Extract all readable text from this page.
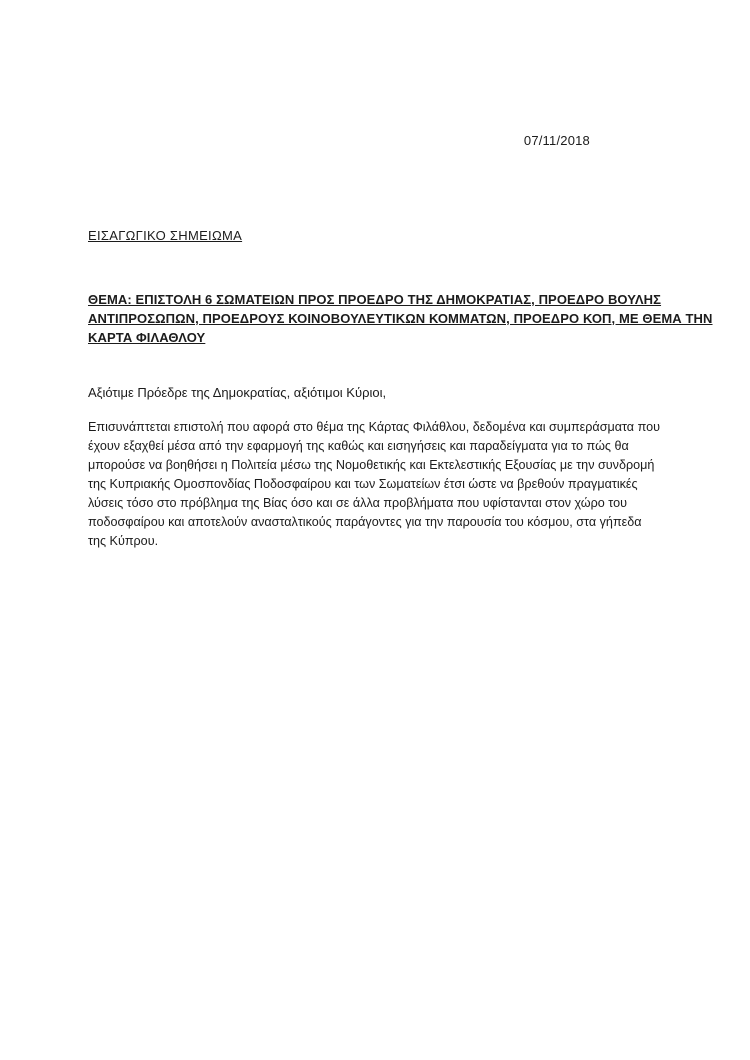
07/11/2018
ΕΙΣΑΓΩΓΙΚΟ ΣΗΜΕΙΩΜΑ
ΘΕΜΑ: ΕΠΙΣΤΟΛΗ 6 ΣΩΜΑΤΕΙΩΝ ΠΡΟΣ ΠΡΟΕΔΡΟ ΤΗΣ ΔΗΜΟΚΡΑΤΙΑΣ, ΠΡΟΕΔΡΟ ΒΟΥΛΗΣ
ΑΝΤΙΠΡΟΣΩΠΩΝ, ΠΡΟΕΔΡΟΥΣ ΚΟΙΝΟΒΟΥΛΕΥΤΙΚΩΝ ΚΟΜΜΑΤΩΝ, ΠΡΟΕΔΡΟ ΚΟΠ, ΜΕ ΘΕΜΑ ΤΗΝ
ΚΑΡΤΑ ΦΙΛΑΘΛΟΥ
Αξιότιμε Πρόεδρε της Δημοκρατίας, αξιότιμοι Κύριοι,
Επισυνάπτεται επιστολή που αφορά στο θέμα της Κάρτας Φιλάθλου, δεδομένα και συμπεράσματα που
έχουν εξαχθεί μέσα από την εφαρμογή της καθώς και εισηγήσεις και παραδείγματα για το πώς θα
μπορούσε να βοηθήσει η Πολιτεία μέσω της Νομοθετικής και Εκτελεστικής Εξουσίας με την συνδρομή
της Κυπριακής Ομοσπονδίας Ποδοσφαίρου και των Σωματείων έτσι ώστε να βρεθούν πραγματικές
λύσεις τόσο στο πρόβλημα της Βίας όσο και σε άλλα προβλήματα που υφίστανται στον χώρο του
ποδοσφαίρου και αποτελούν ανασταλτικούς παράγοντες για την παρουσία του κόσμου, στα γήπεδα
της Κύπρου.
